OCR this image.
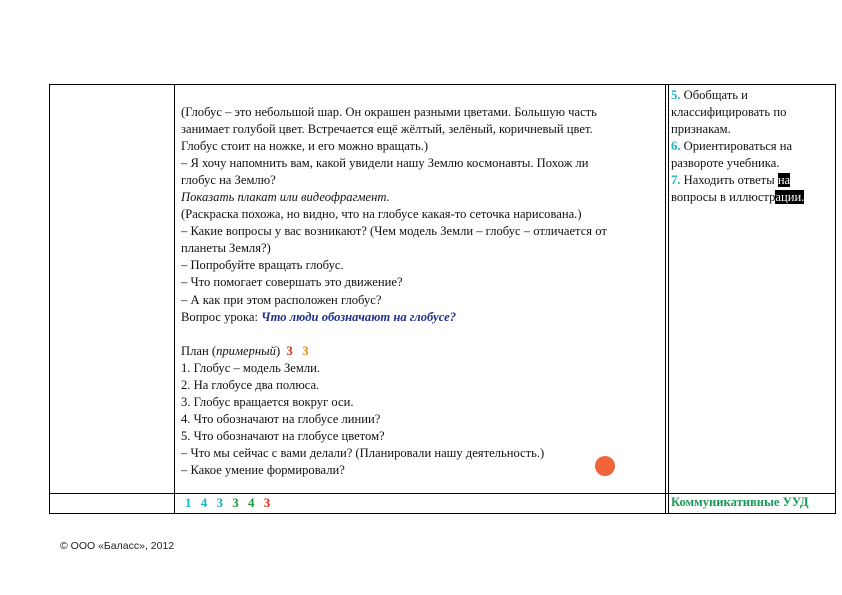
(Глобус – это небольшой шар. Он окрашен разными цветами. Большую часть
занимает голубой цвет. Встречается ещё жёлтый, зелёный, коричневый цвет.
Глобус стоит на ножке, и его можно вращать.)
– Я хочу напомнить вам, какой увидели нашу Землю космонавты. Похож ли
глобус на Землю?
Показать плакат или видеофрагмент.
(Раскраска похожа, но видно, что на глобусе какая-то сеточка нарисована.)
– Какие вопросы у вас возникают? (Чем модель Земли – глобус – отличается от
планеты Земля?)
– Попробуйте вращать глобус.
– Что помогает совершать это движение?
– А как при этом расположен глобус?
Вопрос урока: Что люди обозначают на глобусе?

План (примерный) 3 3
1. Глобус – модель Земли.
2. На глобусе два полюса.
3. Глобус вращается вокруг оси.
4. Что обозначают на глобусе линии?
5. Что обозначают на глобусе цветом?
– Что мы сейчас с вами делали? (Планировали нашу деятельность.)
– Какое умение формировали?
5. Обобщать и
классифицировать по
признакам.
6. Ориентироваться на
развороте учебника.
7. Находить ответы на
вопросы в иллюстрации.
1 4 3 3 4 3	Коммуникативные УУД
© ООО «Баласс», 2012
